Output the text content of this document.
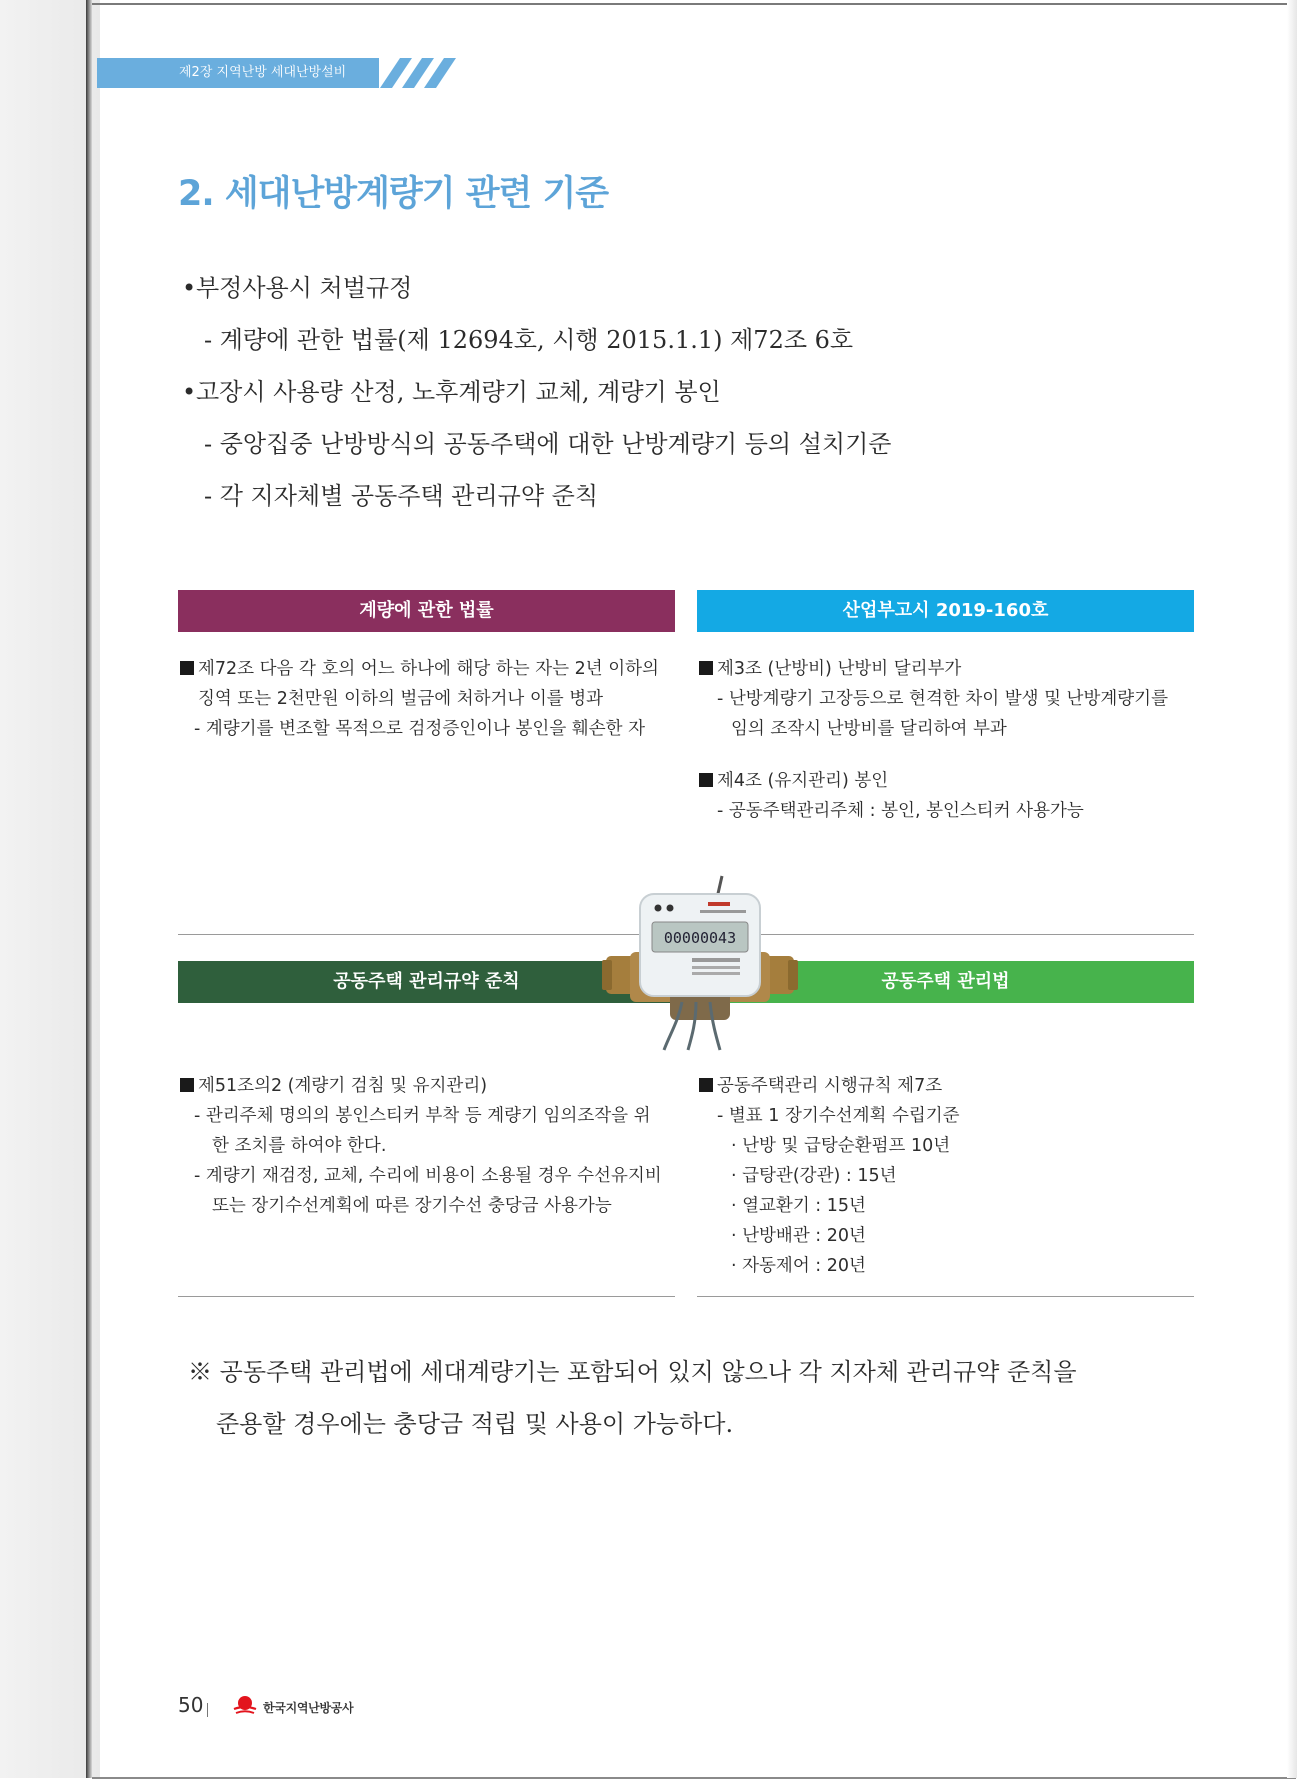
제2장 지역난방 세대난방설비
2. 세대난방계량기 관련 기준
•부정사용시 처벌규정
- 계량에 관한 법률(제 12694호, 시행 2015.1.1) 제72조 6호
•고장시 사용량 산정, 노후계량기 교체, 계량기 봉인
- 중앙집중 난방방식의 공동주택에 대한 난방계량기 등의 설치기준
- 각 지자체별 공동주택 관리규약 준칙
계량에 관한 법률	산업부고시 2019-160호

제72조 다음 각 호의 어느 하나에 해당 하는 자는 2년 이하의

징역 또는 2천만원 이하의 벌금에 처하거나 이를 병과

- 계량기를 변조할 목적으로 검정증인이나 봉인을 훼손한 자

제3조 (난방비) 난방비 달리부가

- 난방계량기 고장등으로 현격한 차이 발생 및 난방계량기를

임의 조작시 난방비를 달리하여 부과

제4조 (유지관리) 봉인

- 공동주택관리주체 : 봉인, 봉인스티커 사용가능

공동주택 관리규약 준칙	공동주택 관리법
00000043

제51조의2 (계량기 검침 및 유지관리)

- 관리주체 명의의 봉인스티커 부착 등 계량기 임의조작을 위

한 조치를 하여야 한다.

- 계량기 재검정, 교체, 수리에 비용이 소용될 경우 수선유지비

또는 장기수선계획에 따른 장기수선 충당금 사용가능

공동주택관리 시행규칙 제7조

- 별표 1 장기수선계획 수립기준

· 난방 및 급탕순환펌프 10년

· 급탕관(강관) : 15년

· 열교환기 : 15년

· 난방배관 : 20년

· 자동제어 : 20년

※ 공동주택 관리법에 세대계량기는 포함되어 있지 않으나 각 지자체 관리규약 준칙을

준용할 경우에는 충당금 적립 및 사용이 가능하다.

50	한국지역난방공사
